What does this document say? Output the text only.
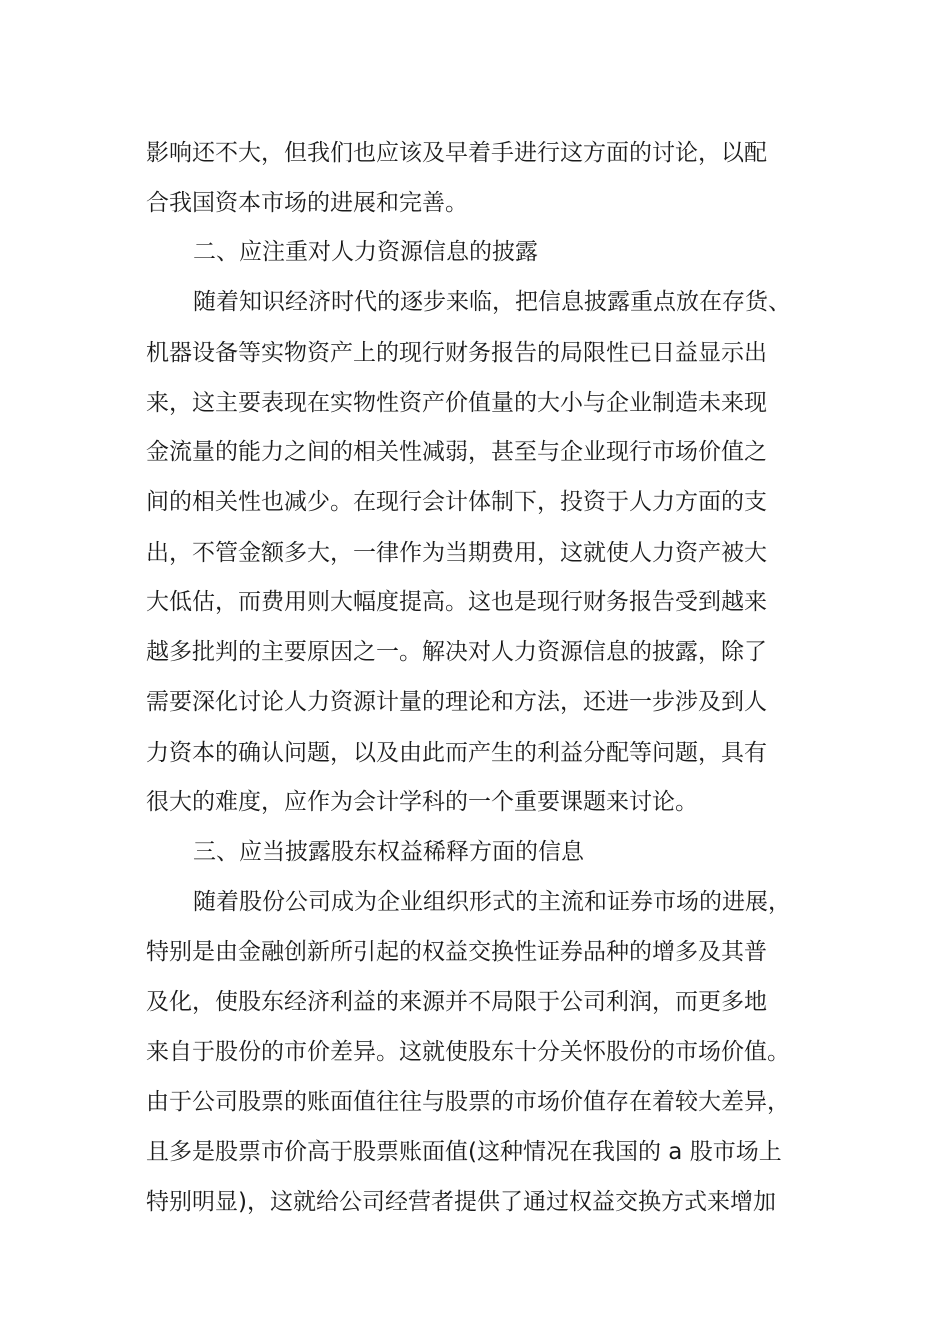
影响还不大，但我们也应该及早着手进行这方面的讨论，以配

合我国资本市场的进展和完善。

二、应注重对人力资源信息的披露

随着知识经济时代的逐步来临，把信息披露重点放在存货、

机器设备等实物资产上的现行财务报告的局限性已日益显示出

来，这主要表现在实物性资产价值量的大小与企业制造未来现

金流量的能力之间的相关性减弱，甚至与企业现行市场价值之

间的相关性也减少。在现行会计体制下，投资于人力方面的支

出，不管金额多大，一律作为当期费用，这就使人力资产被大

大低估，而费用则大幅度提高。这也是现行财务报告受到越来

越多批判的主要原因之一。解决对人力资源信息的披露，除了

需要深化讨论人力资源计量的理论和方法，还进一步涉及到人

力资本的确认问题，以及由此而产生的利益分配等问题，具有

很大的难度，应作为会计学科的一个重要课题来讨论。

三、应当披露股东权益稀释方面的信息

随着股份公司成为企业组织形式的主流和证券市场的进展，

特别是由金融创新所引起的权益交换性证券品种的增多及其普

及化，使股东经济利益的来源并不局限于公司利润，而更多地

来自于股份的市价差异。这就使股东十分关怀股份的市场价值。

由于公司股票的账面值往往与股票的市场价值存在着较大差异，

且多是股票市价高于股票账面值(这种情况在我国的 a 股市场上

特别明显)，这就给公司经营者提供了通过权益交换方式来增加
